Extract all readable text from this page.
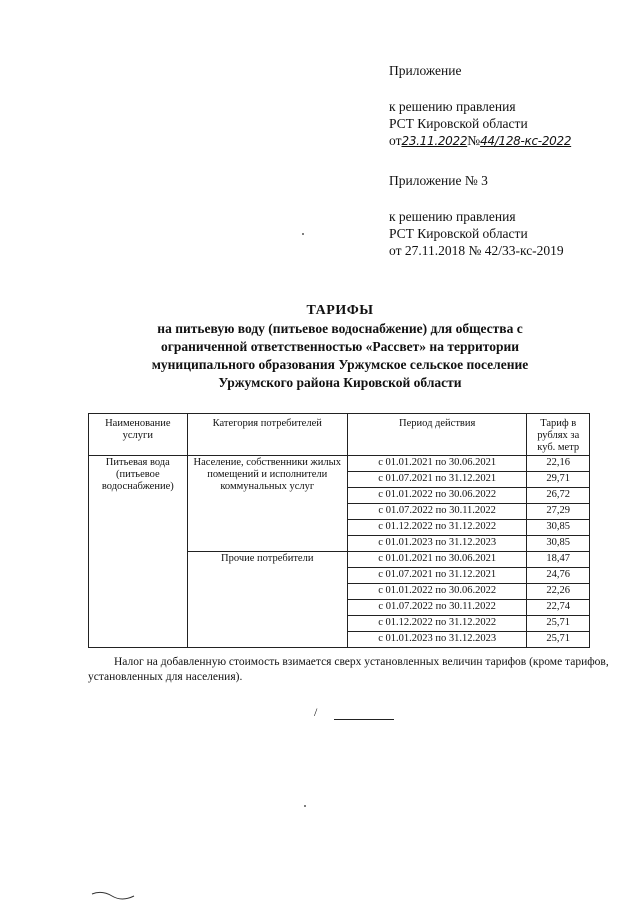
Приложение
к решению правления
РСТ Кировской области
от23.11.2022№44/128-кс-2022
Приложение № 3
к решению правления
РСТ Кировской области
от 27.11.2018 № 42/33-кс-2019
ТАРИФЫ
на питьевую воду (питьевое водоснабжение) для общества с
ограниченной ответственностью «Рассвет» на территории
муниципального образования Уржумское сельское поселение
Уржумского района Кировской области
Наименование услуги	Категория потребителей	Период действия	Тариф в рублях за куб. метр
Питьевая вода (питьевое водоснабжение)	Население, собственники жилых помещений и исполнители коммунальных услуг	с 01.01.2021 по 30.06.2021	22,16
		с 01.07.2021 по 31.12.2021	29,71
		с 01.01.2022 по 30.06.2022	26,72
		с 01.07.2022 по 30.11.2022	27,29
		с 01.12.2022 по 31.12.2022	30,85
		с 01.01.2023 по 31.12.2023	30,85
	Прочие потребители	с 01.01.2021 по 30.06.2021	18,47
		с 01.07.2021 по 31.12.2021	24,76
		с 01.01.2022 по 30.06.2022	22,26
		с 01.07.2022 по 30.11.2022	22,74
		с 01.12.2022 по 31.12.2022	25,71
		с 01.01.2023 по 31.12.2023	25,71
Налог на добавленную стоимость взимается сверх установленных величин тарифов (кроме тарифов, установленных для населения).
/
